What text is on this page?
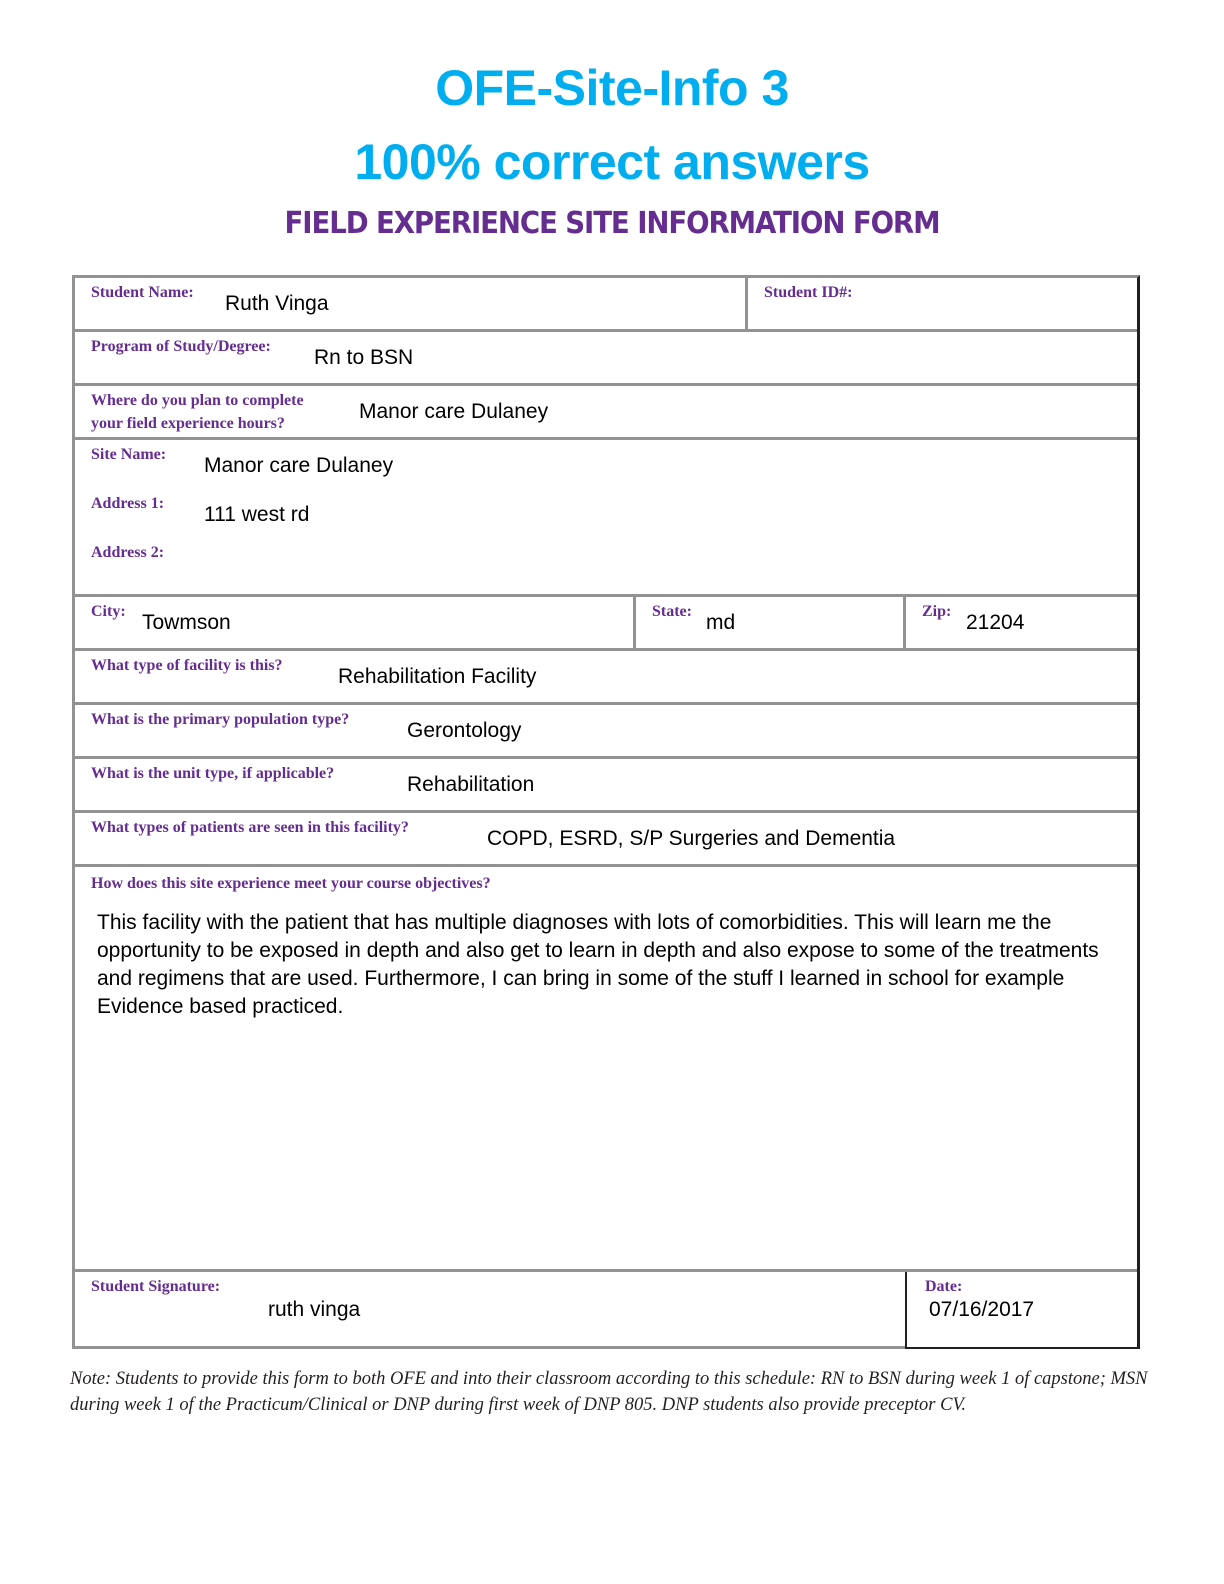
OFE-Site-Info 3
100% correct answers
FIELD EXPERIENCE SITE INFORMATION FORM
Student Name: Ruth Vinga	Student ID#:
Program of Study/Degree: Rn to BSN
Where do you plan to complete
your field experience hours?
Manor care Dulaney
Site Name: Manor care Dulaney
Address 1: 111 west rd
Address 2:
City: Towmson	State: md	Zip: 21204
What type of facility is this?	Rehabilitation Facility
What is the primary population type?	Gerontology
What is the unit type, if applicable?	Rehabilitation
What types of patients are seen in this facility?	COPD, ESRD, S/P Surgeries and Dementia
How does this site experience meet your course objectives?
This facility with the patient that has multiple diagnoses with lots of comorbidities. This will learn me the opportunity to be exposed in depth and also get to learn in depth and also expose to some of the treatments and regimens that are used. Furthermore, I can bring in some of the stuff I learned in school for example Evidence based practiced.
Student Signature:
ruth vinga
Date:
07/16/2017
Note: Students to provide this form to both OFE and into their classroom according to this schedule: RN to BSN during week 1 of capstone; MSN during week 1 of the Practicum/Clinical or DNP during first week of DNP 805. DNP students also provide preceptor CV.
